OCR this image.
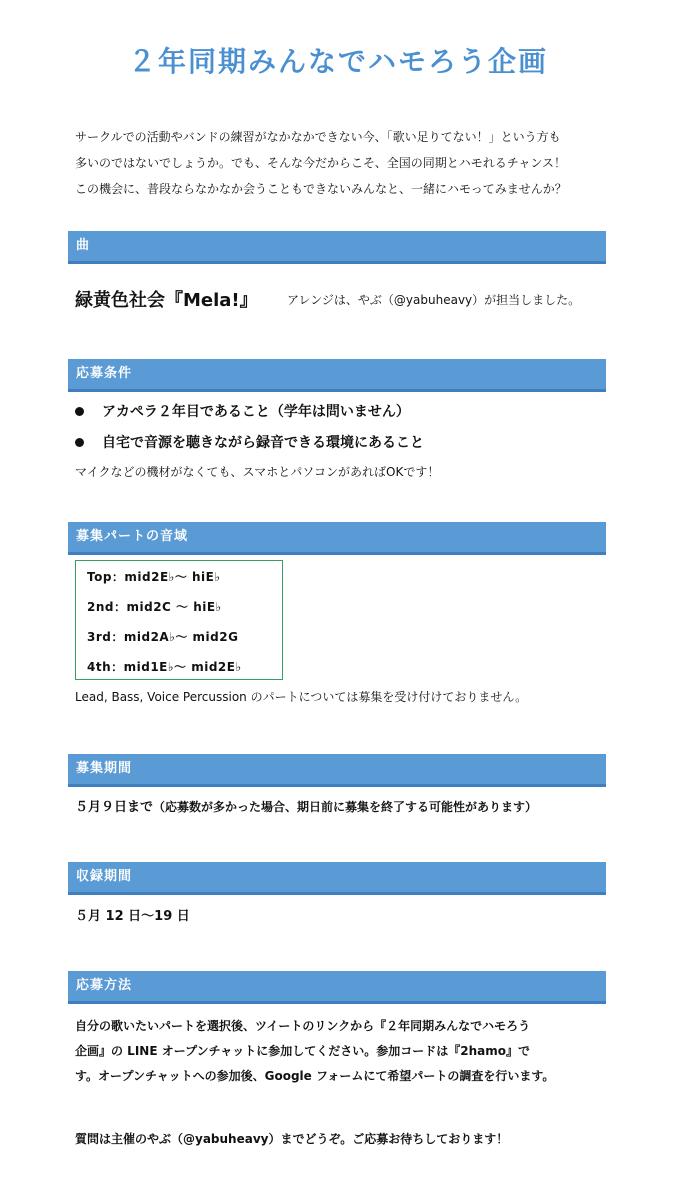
２年同期みんなでハモろう企画

サークルでの活動やバンドの練習がなかなかできない今、「歌い足りてない！」という方も

多いのではないでしょうか。でも、そんな今だからこそ、全国の同期とハモれるチャンス！

この機会に、普段ならなかなか会うこともできないみんなと、一緒にハモってみませんか？

曲
緑黄色社会『Mela!』 アレンジは、やぶ（@yabuheavy）が担当しました。
応募条件
アカペラ２年目であること（学年は問いません）
自宅で音源を聴きながら録音できる環境にあること
マイクなどの機材がなくても、スマホとパソコンがあればOKです！
募集パートの音域
Top：mid2E♭～ hiE♭
2nd：mid2C ～ hiE♭
3rd：mid2A♭～ mid2G
4th：mid1E♭～ mid2E♭
Lead, Bass, Voice Percussion のパートについては募集を受け付けておりません。
募集期間
５月９日まで（応募数が多かった場合、期日前に募集を終了する可能性があります）
収録期間
５月 12 日～19 日
応募方法

自分の歌いたいパートを選択後、ツイートのリンクから『２年同期みんなでハモろう

企画』の LINE オープンチャットに参加してください。参加コードは『2hamo』で

す。オープンチャットへの参加後、Google フォームにて希望パートの調査を行います。

質問は主催のやぶ（@yabuheavy）までどうぞ。ご応募お待ちしております！
